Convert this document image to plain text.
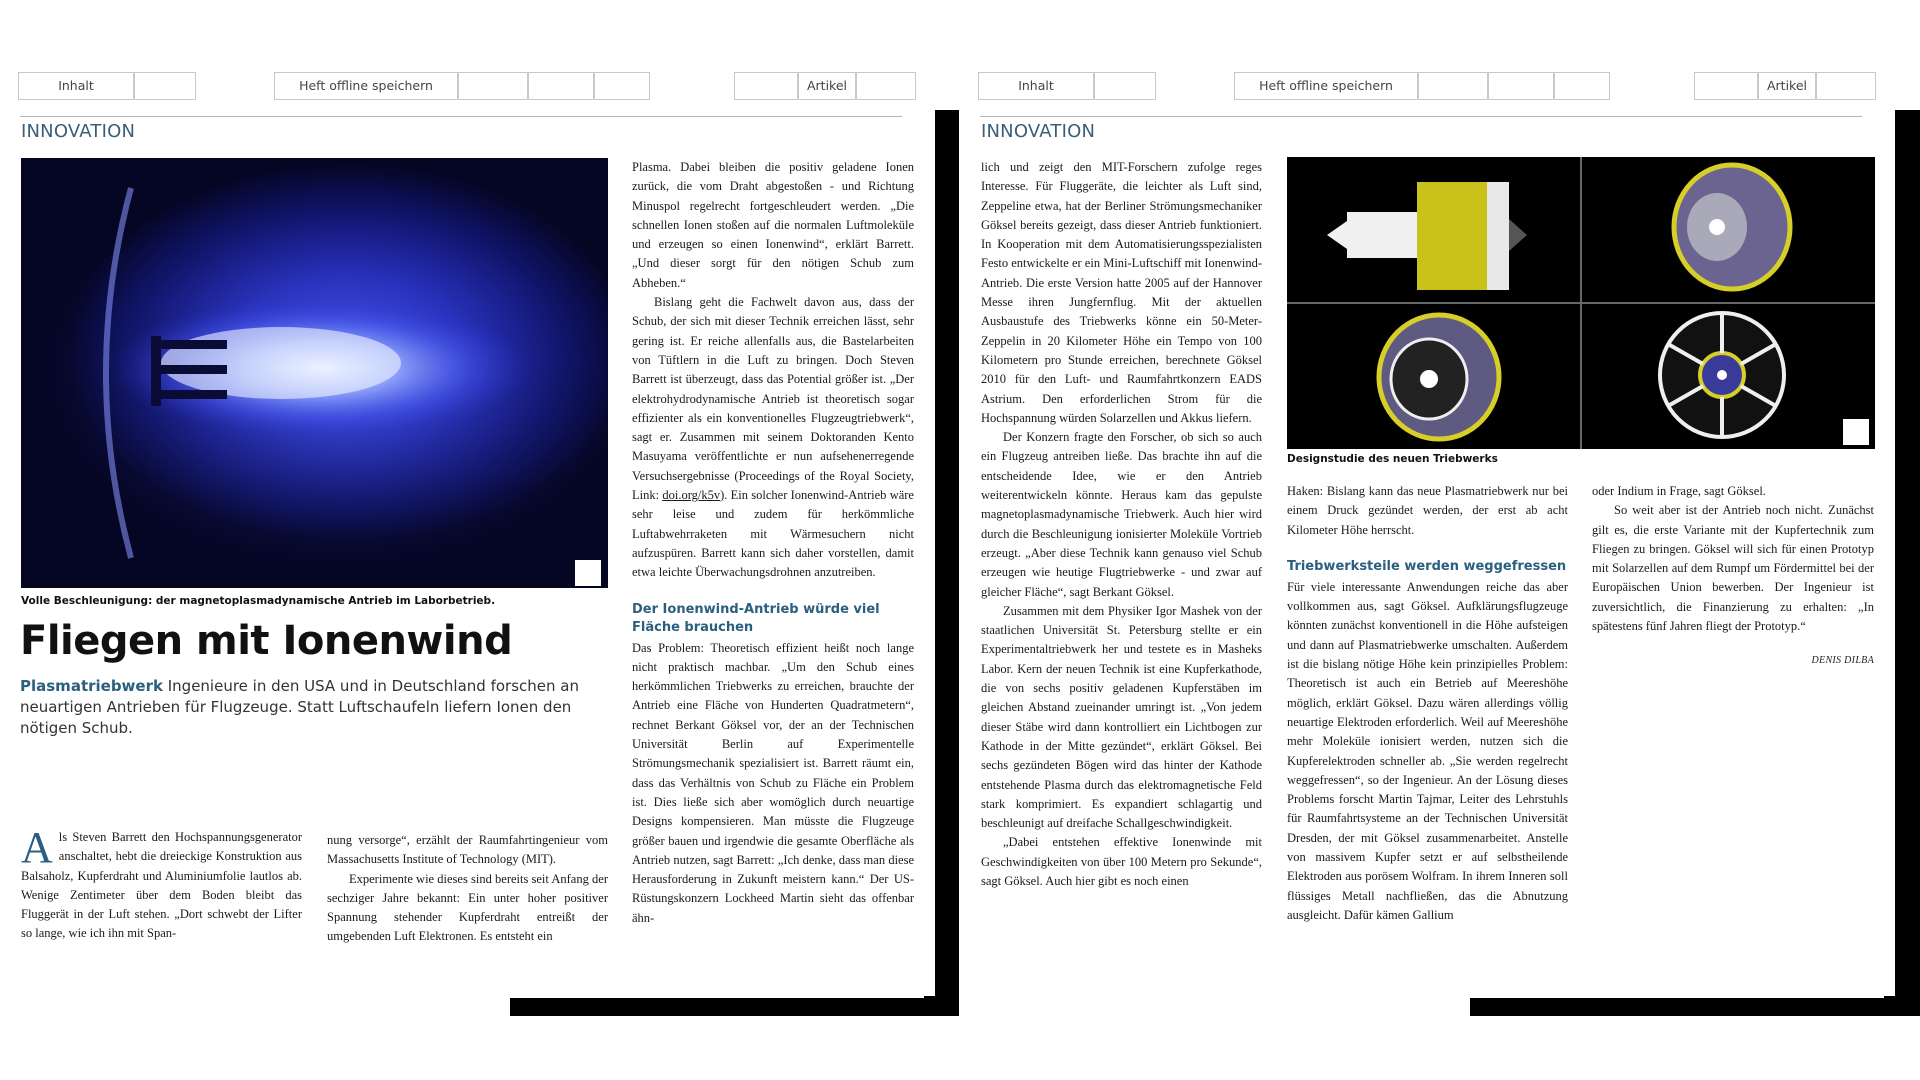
Inhalt	Heft offline speichern	Artikel
INNOVATION
Volle Beschleunigung: der magnetoplasmadynamische Antrieb im Laborbetrieb.
Fliegen mit Ionenwind
Plasmatriebwerk Ingenieure in den USA und in Deutschland forschen an neuartigen Antrieben für Flugzeuge. Statt Luftschaufeln liefern Ionen den nötigen Schub.

Als Steven Barrett den Hochspannungsgenerator anschaltet, hebt die dreieckige Konstruktion aus Balsaholz, Kupferdraht und Aluminiumfolie lautlos ab. Wenige Zentimeter über dem Boden bleibt das Fluggerät in der Luft stehen. „Dort schwebt der Lifter so lange, wie ich ihn mit Span-

nung versorge“, erzählt der Raumfahrtingenieur vom Massachusetts Institute of Technology (MIT).

Experimente wie dieses sind bereits seit Anfang der sechziger Jahre bekannt: Ein unter hoher positiver Spannung stehender Kupferdraht entreißt der umgebenden Luft Elektronen. Es entsteht ein

Plasma. Dabei bleiben die positiv geladene Ionen zurück, die vom Draht abgestoßen - und Richtung Minuspol regelrecht fortgeschleudert werden. „Die schnellen Ionen stoßen auf die normalen Luftmoleküle und erzeugen so einen Ionenwind“, erklärt Barrett. „Und dieser sorgt für den nötigen Schub zum Abheben.“

Bislang geht die Fachwelt davon aus, dass der Schub, der sich mit dieser Technik erreichen lässt, sehr gering ist. Er reiche allenfalls aus, die Bastelarbeiten von Tüftlern in die Luft zu bringen. Doch Steven Barrett ist überzeugt, dass das Potential größer ist. „Der elektrohydrodynamische Antrieb ist theoretisch sogar effizienter als ein konventionelles Flugzeugtriebwerk“, sagt er. Zusammen mit seinem Doktoranden Kento Masuyama veröffentlichte er nun aufsehenerregende Versuchsergebnisse (Proceedings of the Royal Society, Link: doi.org/k5v). Ein solcher Ionenwind-Antrieb wäre sehr leise und zudem für herkömmliche Luftabwehrraketen mit Wärmesuchern nicht aufzuspüren. Barrett kann sich daher vorstellen, damit etwa leichte Überwachungsdrohnen anzutreiben.

Der Ionenwind-Antrieb würde viel Fläche brauchen

Das Problem: Theoretisch effizient heißt noch lange nicht praktisch machbar. „Um den Schub eines herkömmlichen Triebwerks zu erreichen, brauchte der Antrieb eine Fläche von Hunderten Quadratmetern“, rechnet Berkant Göksel vor, der an der Technischen Universität Berlin auf Experimentelle Strömungsmechanik spezialisiert ist. Barrett räumt ein, dass das Verhältnis von Schub zu Fläche ein Problem ist. Dies ließe sich aber womöglich durch neuartige Designs kompensieren. Man müsste die Flugzeuge größer bauen und irgendwie die gesamte Oberfläche als Antrieb nutzen, sagt Barrett: „Ich denke, dass man diese Herausforderung in Zukunft meistern kann.“ Der US-Rüstungskonzern Lockheed Martin sieht das offenbar ähn-

Inhalt	Heft offline speichern	Artikel
INNOVATION

lich und zeigt den MIT-Forschern zufolge reges Interesse. Für Fluggeräte, die leichter als Luft sind, Zeppeline etwa, hat der Berliner Strömungsmechaniker Göksel bereits gezeigt, dass dieser Antrieb funktioniert. In Kooperation mit dem Automatisierungsspezialisten Festo entwickelte er ein Mini-Luftschiff mit Ionenwind-Antrieb. Die erste Version hatte 2005 auf der Hannover Messe ihren Jungfernflug. Mit der aktuellen Ausbaustufe des Triebwerks könne ein 50-Meter-Zeppelin in 20 Kilometer Höhe ein Tempo von 100 Kilometern pro Stunde erreichen, berechnete Göksel 2010 für den Luft- und Raumfahrtkonzern EADS Astrium. Den erforderlichen Strom für die Hochspannung würden Solarzellen und Akkus liefern.

Der Konzern fragte den Forscher, ob sich so auch ein Flugzeug antreiben ließe. Das brachte ihn auf die entscheidende Idee, wie er den Antrieb weiterentwickeln könnte. Heraus kam das gepulste magnetoplasmadynamische Triebwerk. Auch hier wird durch die Beschleunigung ionisierter Moleküle Vortrieb erzeugt. „Aber diese Technik kann genauso viel Schub erzeugen wie heutige Flugtriebwerke - und zwar auf gleicher Fläche“, sagt Berkant Göksel.

Zusammen mit dem Physiker Igor Mashek von der staatlichen Universität St. Petersburg stellte er ein Experimentaltriebwerk her und testete es in Masheks Labor. Kern der neuen Technik ist eine Kupferkathode, die von sechs positiv geladenen Kupferstäben im gleichen Abstand zueinander umringt ist. „Von jedem dieser Stäbe wird dann kontrolliert ein Lichtbogen zur Kathode in der Mitte gezündet“, erklärt Göksel. Bei sechs gezündeten Bögen wird das hinter der Kathode entstehende Plasma durch das elektromagnetische Feld stark komprimiert. Es expandiert schlagartig und beschleunigt auf dreifache Schallgeschwindigkeit.

„Dabei entstehen effektive Ionenwinde mit Geschwindigkeiten von über 100 Metern pro Sekunde“, sagt Göksel. Auch hier gibt es noch einen

Designstudie des neuen Triebwerks

Haken: Bislang kann das neue Plasmatriebwerk nur bei einem Druck gezündet werden, der erst ab acht Kilometer Höhe herrscht.

Triebwerksteile werden weggefressen

Für viele interessante Anwendungen reiche das aber vollkommen aus, sagt Göksel. Aufklärungsflugzeuge könnten zunächst konventionell in die Höhe aufsteigen und dann auf Plasmatriebwerke umschalten. Außerdem ist die bislang nötige Höhe kein prinzipielles Problem: Theoretisch ist auch ein Betrieb auf Meereshöhe möglich, erklärt Göksel. Dazu wären allerdings völlig neuartige Elektroden erforderlich. Weil auf Meereshöhe mehr Moleküle ionisiert werden, nutzen sich die Kupferelektroden schneller ab. „Sie werden regelrecht weggefressen“, so der Ingenieur. An der Lösung dieses Problems forscht Martin Tajmar, Leiter des Lehrstuhls für Raumfahrtsysteme an der Technischen Universität Dresden, der mit Göksel zusammenarbeitet. Anstelle von massivem Kupfer setzt er auf selbstheilende Elektroden aus porösem Wolfram. In ihrem Inneren soll flüssiges Metall nachfließen, das die Abnutzung ausgleicht. Dafür kämen Gallium

oder Indium in Frage, sagt Göksel.

So weit aber ist der Antrieb noch nicht. Zunächst gilt es, die erste Variante mit der Kupfertechnik zum Fliegen zu bringen. Göksel will sich für einen Prototyp mit Solarzellen auf dem Rumpf um Fördermittel bei der Europäischen Union bewerben. Der Ingenieur ist zuversichtlich, die Finanzierung zu erhalten: „In spätestens fünf Jahren fliegt der Prototyp.“

DENIS DILBA
